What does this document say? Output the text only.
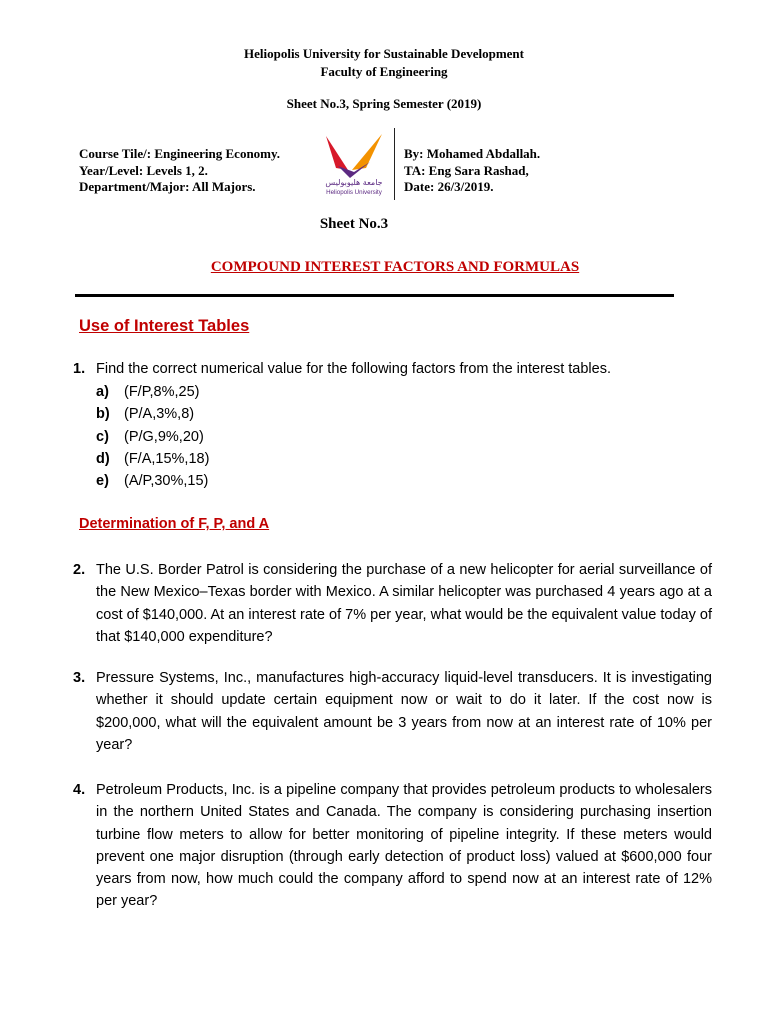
Heliopolis University for Sustainable Development
Faculty of Engineering
Sheet No.3, Spring Semester (2019)
Course Tile/: Engineering Economy.
Year/Level: Levels 1, 2.
Department/Major: All Majors.	جامعة هليوبوليس
Heliopolis University
By: Mohamed Abdallah.
TA: Eng Sara Rashad,
Date: 26/3/2019.
Sheet No.3
COMPOUND INTEREST FACTORS AND FORMULAS
Use of Interest Tables
1. Find the correct numerical value for the following factors from the interest tables.
a) (F/P,8%,25)
b) (P/A,3%,8)
c) (P/G,9%,20)
d) (F/A,15%,18)
e) (A/P,30%,15)
Determination of F, P, and A
2. The U.S. Border Patrol is considering the purchase of a new helicopter for aerial surveillance of the New Mexico–Texas border with Mexico. A similar helicopter was purchased 4 years ago at a cost of $140,000. At an interest rate of 7% per year, what would be the equivalent value today of that $140,000 expenditure?
3. Pressure Systems, Inc., manufactures high-accuracy liquid-level transducers. It is investigating whether it should update certain equipment now or wait to do it later. If the cost now is $200,000, what will the equivalent amount be 3 years from now at an interest rate of 10% per year?
4. Petroleum Products, Inc. is a pipeline company that provides petroleum products to wholesalers in the northern United States and Canada. The company is considering purchasing insertion turbine flow meters to allow for better monitoring of pipeline integrity. If these meters would prevent one major disruption (through early detection of product loss) valued at $600,000 four years from now, how much could the company afford to spend now at an interest rate of 12% per year?
